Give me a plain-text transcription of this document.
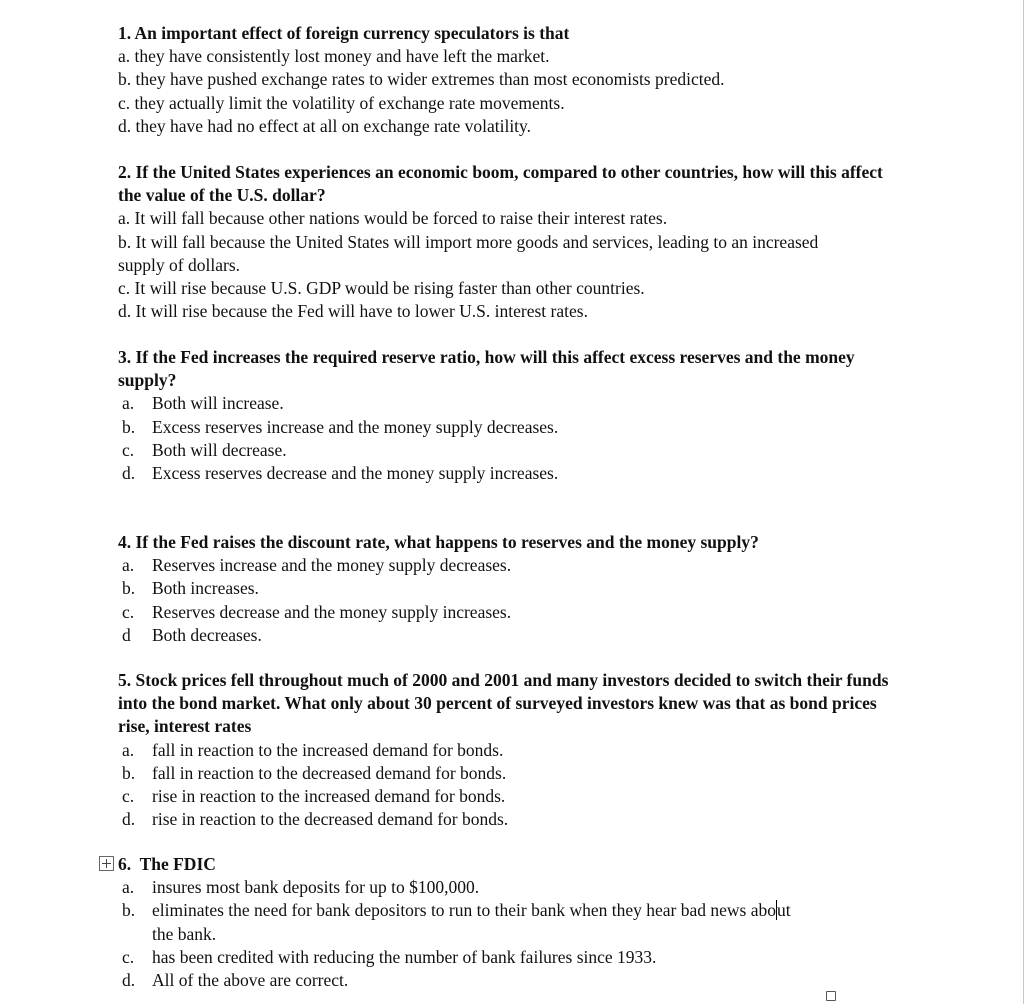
1. An important effect of foreign currency speculators is that
a. they have consistently lost money and have left the market.
b. they have pushed exchange rates to wider extremes than most economists predicted.
c. they actually limit the volatility of exchange rate movements.
d. they have had no effect at all on exchange rate volatility.
2. If the United States experiences an economic boom, compared to other countries, how will this affect the value of the U.S. dollar?
a. It will fall because other nations would be forced to raise their interest rates.
b. It will fall because the United States will import more goods and services, leading to an increased supply of dollars.
c. It will rise because U.S. GDP would be rising faster than other countries.
d. It will rise because the Fed will have to lower U.S. interest rates.
3. If the Fed increases the required reserve ratio, how will this affect excess reserves and the money supply?
a.	Both will increase.
b. Excess reserves increase and the money supply decreases.
c.	Both will decrease.
d. Excess reserves decrease and the money supply increases.
4. If the Fed raises the discount rate, what happens to reserves and the money supply?
a.	Reserves increase and the money supply decreases.
b. Both increases.
c.	Reserves decrease and the money supply increases.
d	Both decreases.
5. Stock prices fell throughout much of 2000 and 2001 and many investors decided to switch their funds into the bond market. What only about 30 percent of surveyed investors knew was that as bond prices rise, interest rates
a.	fall in reaction to the increased demand for bonds.
b. fall in reaction to the decreased demand for bonds.
c.	rise in reaction to the increased demand for bonds.
d. rise in reaction to the decreased demand for bonds.
6. The FDIC
a.	insures most bank deposits for up to $100,000.
b. eliminates the need for bank depositors to run to their bank when they hear bad news about the bank.
c.	has been credited with reducing the number of bank failures since 1933.
d. All of the above are correct.
